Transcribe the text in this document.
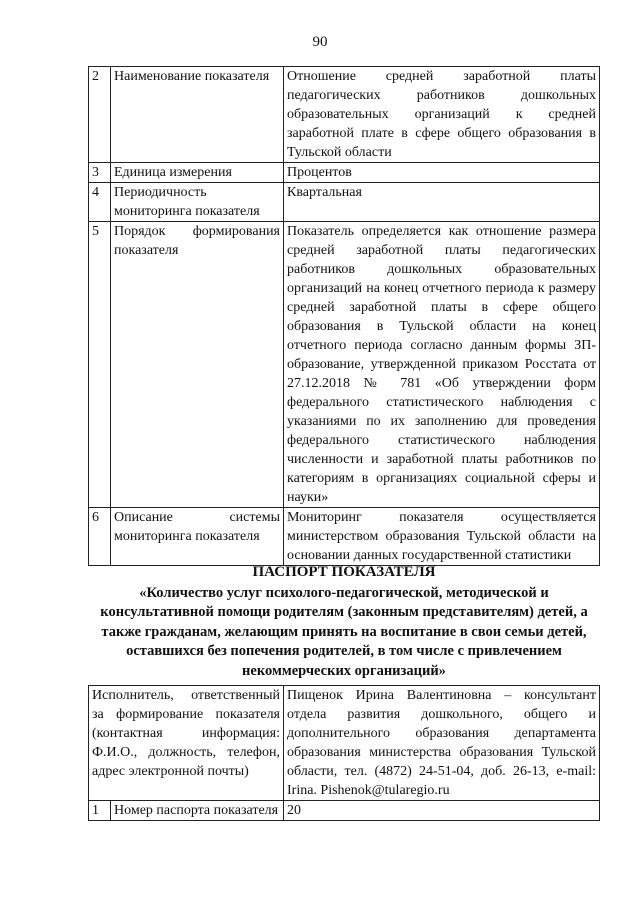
90
2	Наименование показателя	Отношение средней заработной платы педагогических работников дошкольных образовательных организаций к средней заработной плате в сфере общего образования в Тульской области
3	Единица измерения	Процентов
4	Периодичность мониторинга показателя	Квартальная
5	Порядок формирования показателя	Показатель определяется как отношение размера средней заработной платы педагогических работников дошкольных образовательных организаций на конец отчетного периода к размеру средней заработной платы в сфере общего образования в Тульской области на конец отчетного периода согласно данным формы ЗП-образование, утвержденной приказом Росстата от 27.12.2018 № 781 «Об утверждении форм федерального статистического наблюдения с указаниями по их заполнению для проведения федерального статистического наблюдения численности и заработной платы работников по категориям в организациях социальной сферы и науки»
6	Описание системы мониторинга показателя	Мониторинг показателя осуществляется министерством образования Тульской области на основании данных государственной статистики
ПАСПОРТ ПОКАЗАТЕЛЯ
«Количество услуг психолого-педагогической, методической и консультативной помощи родителям (законным представителям) детей, а также гражданам, желающим принять на воспитание в свои семьи детей, оставшихся без попечения родителей, в том числе с привлечением некоммерческих организаций»
Исполнитель, ответственный за формирование показателя (контактная информация: Ф.И.О., должность, телефон, адрес электронной почты)		Пищенок Ирина Валентиновна – консультант отдела развития дошкольного, общего и дополнительного образования департамента образования министерства образования Тульской области, тел. (4872) 24-51-04, доб. 26-13, e-mail: Irina. Pishenok@tularegio.ru
1	Номер паспорта показателя	20
